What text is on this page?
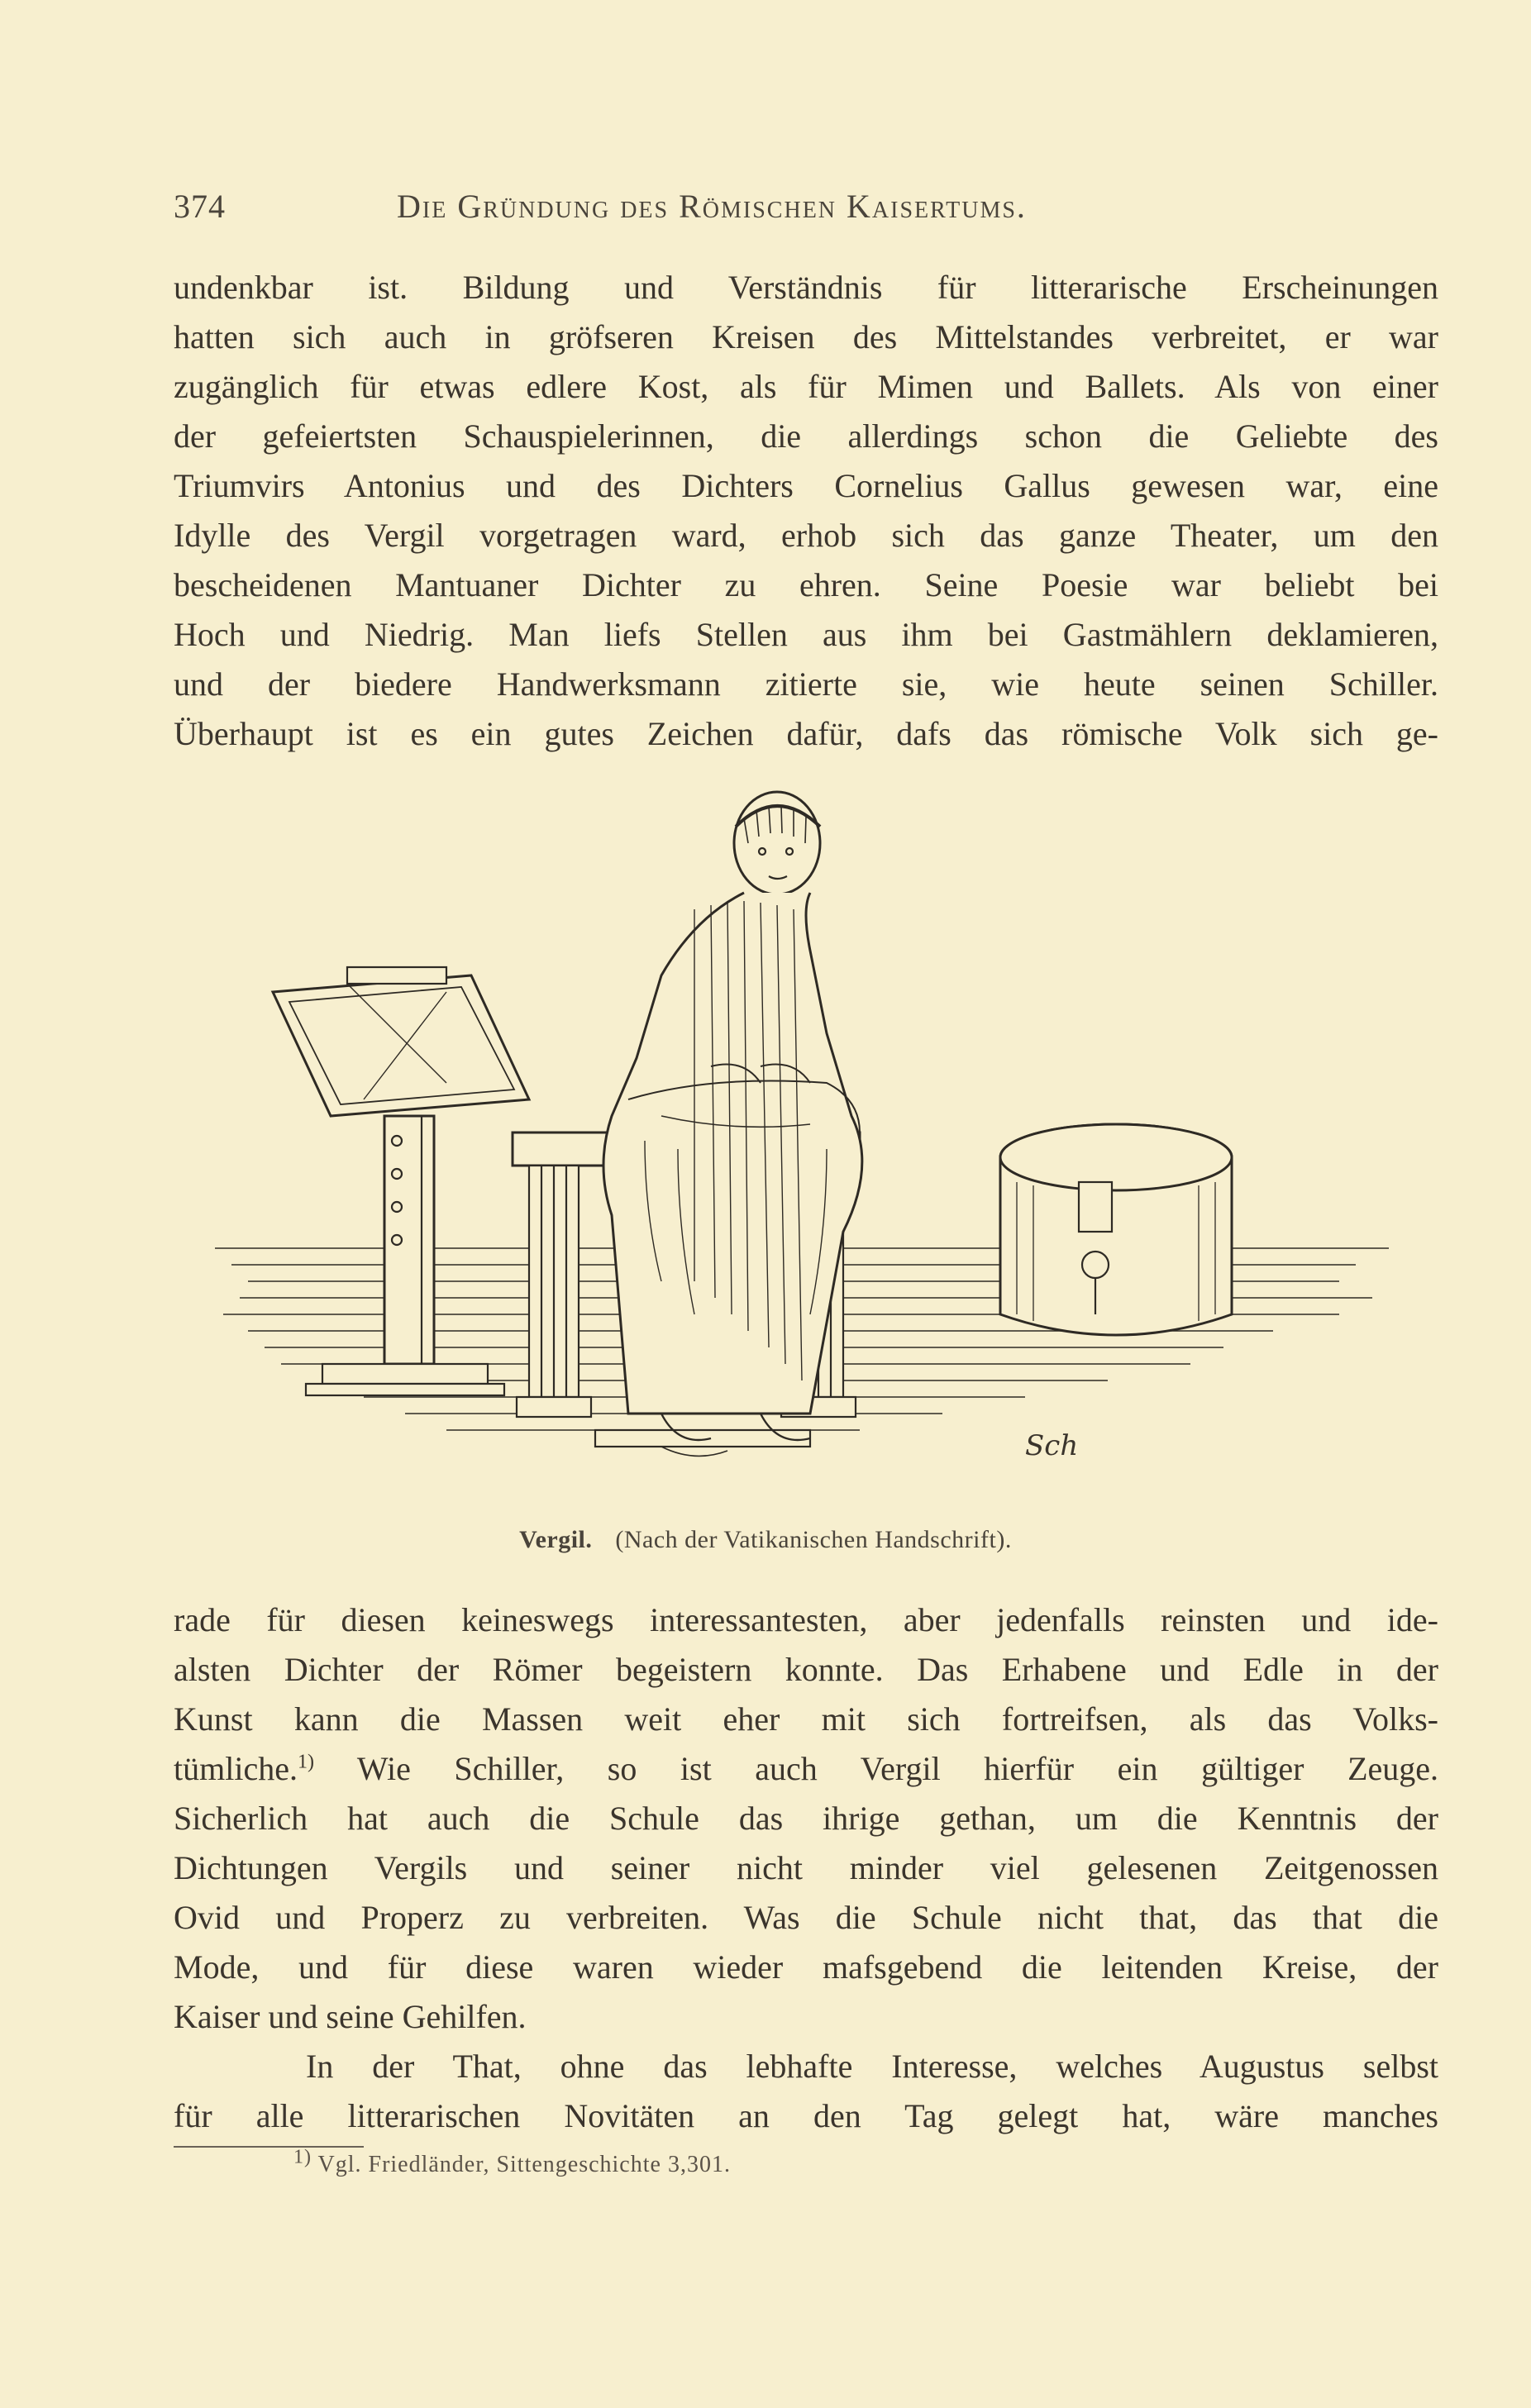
374	Die Gründung des Römischen Kaisertums.
undenkbar ist. Bildung und Verständnis für litterarische Erscheinungen
hatten sich auch in gröfseren Kreisen des Mittelstandes verbreitet, er war
zugänglich für etwas edlere Kost, als für Mimen und Ballets. Als von einer
der gefeiertsten Schauspielerinnen, die allerdings schon die Geliebte des
Triumvirs Antonius und des Dichters Cornelius Gallus gewesen war, eine
Idylle des Vergil vorgetragen ward, erhob sich das ganze Theater, um den
bescheidenen Mantuaner Dichter zu ehren. Seine Poesie war beliebt bei
Hoch und Niedrig. Man liefs Stellen aus ihm bei Gastmählern deklamieren,
und der biedere Handwerksmann zitierte sie, wie heute seinen Schiller.
Überhaupt ist es ein gutes Zeichen dafür, dafs das römische Volk sich ge-
Sch
Vergil. (Nach der Vatikanischen Handschrift).
rade für diesen keineswegs interessantesten, aber jedenfalls reinsten und ide-
alsten Dichter der Römer begeistern konnte. Das Erhabene und Edle in der
Kunst kann die Massen weit eher mit sich fortreifsen, als das Volks-
tümliche.$^{1)}$ Wie Schiller, so ist auch Vergil hierfür ein gültiger Zeuge.
Sicherlich hat auch die Schule das ihrige gethan, um die Kenntnis der
Dichtungen Vergils und seiner nicht minder viel gelesenen Zeitgenossen
Ovid und Properz zu verbreiten. Was die Schule nicht that, das that die
Mode, und für diese waren wieder mafsgebend die leitenden Kreise, der
Kaiser und seine Gehilfen.
In der That, ohne das lebhafte Interesse, welches Augustus selbst
für alle litterarischen Novitäten an den Tag gelegt hat, wäre manches
$^{1)}$ Vgl. Friedländer, Sittengeschichte 3,301.
